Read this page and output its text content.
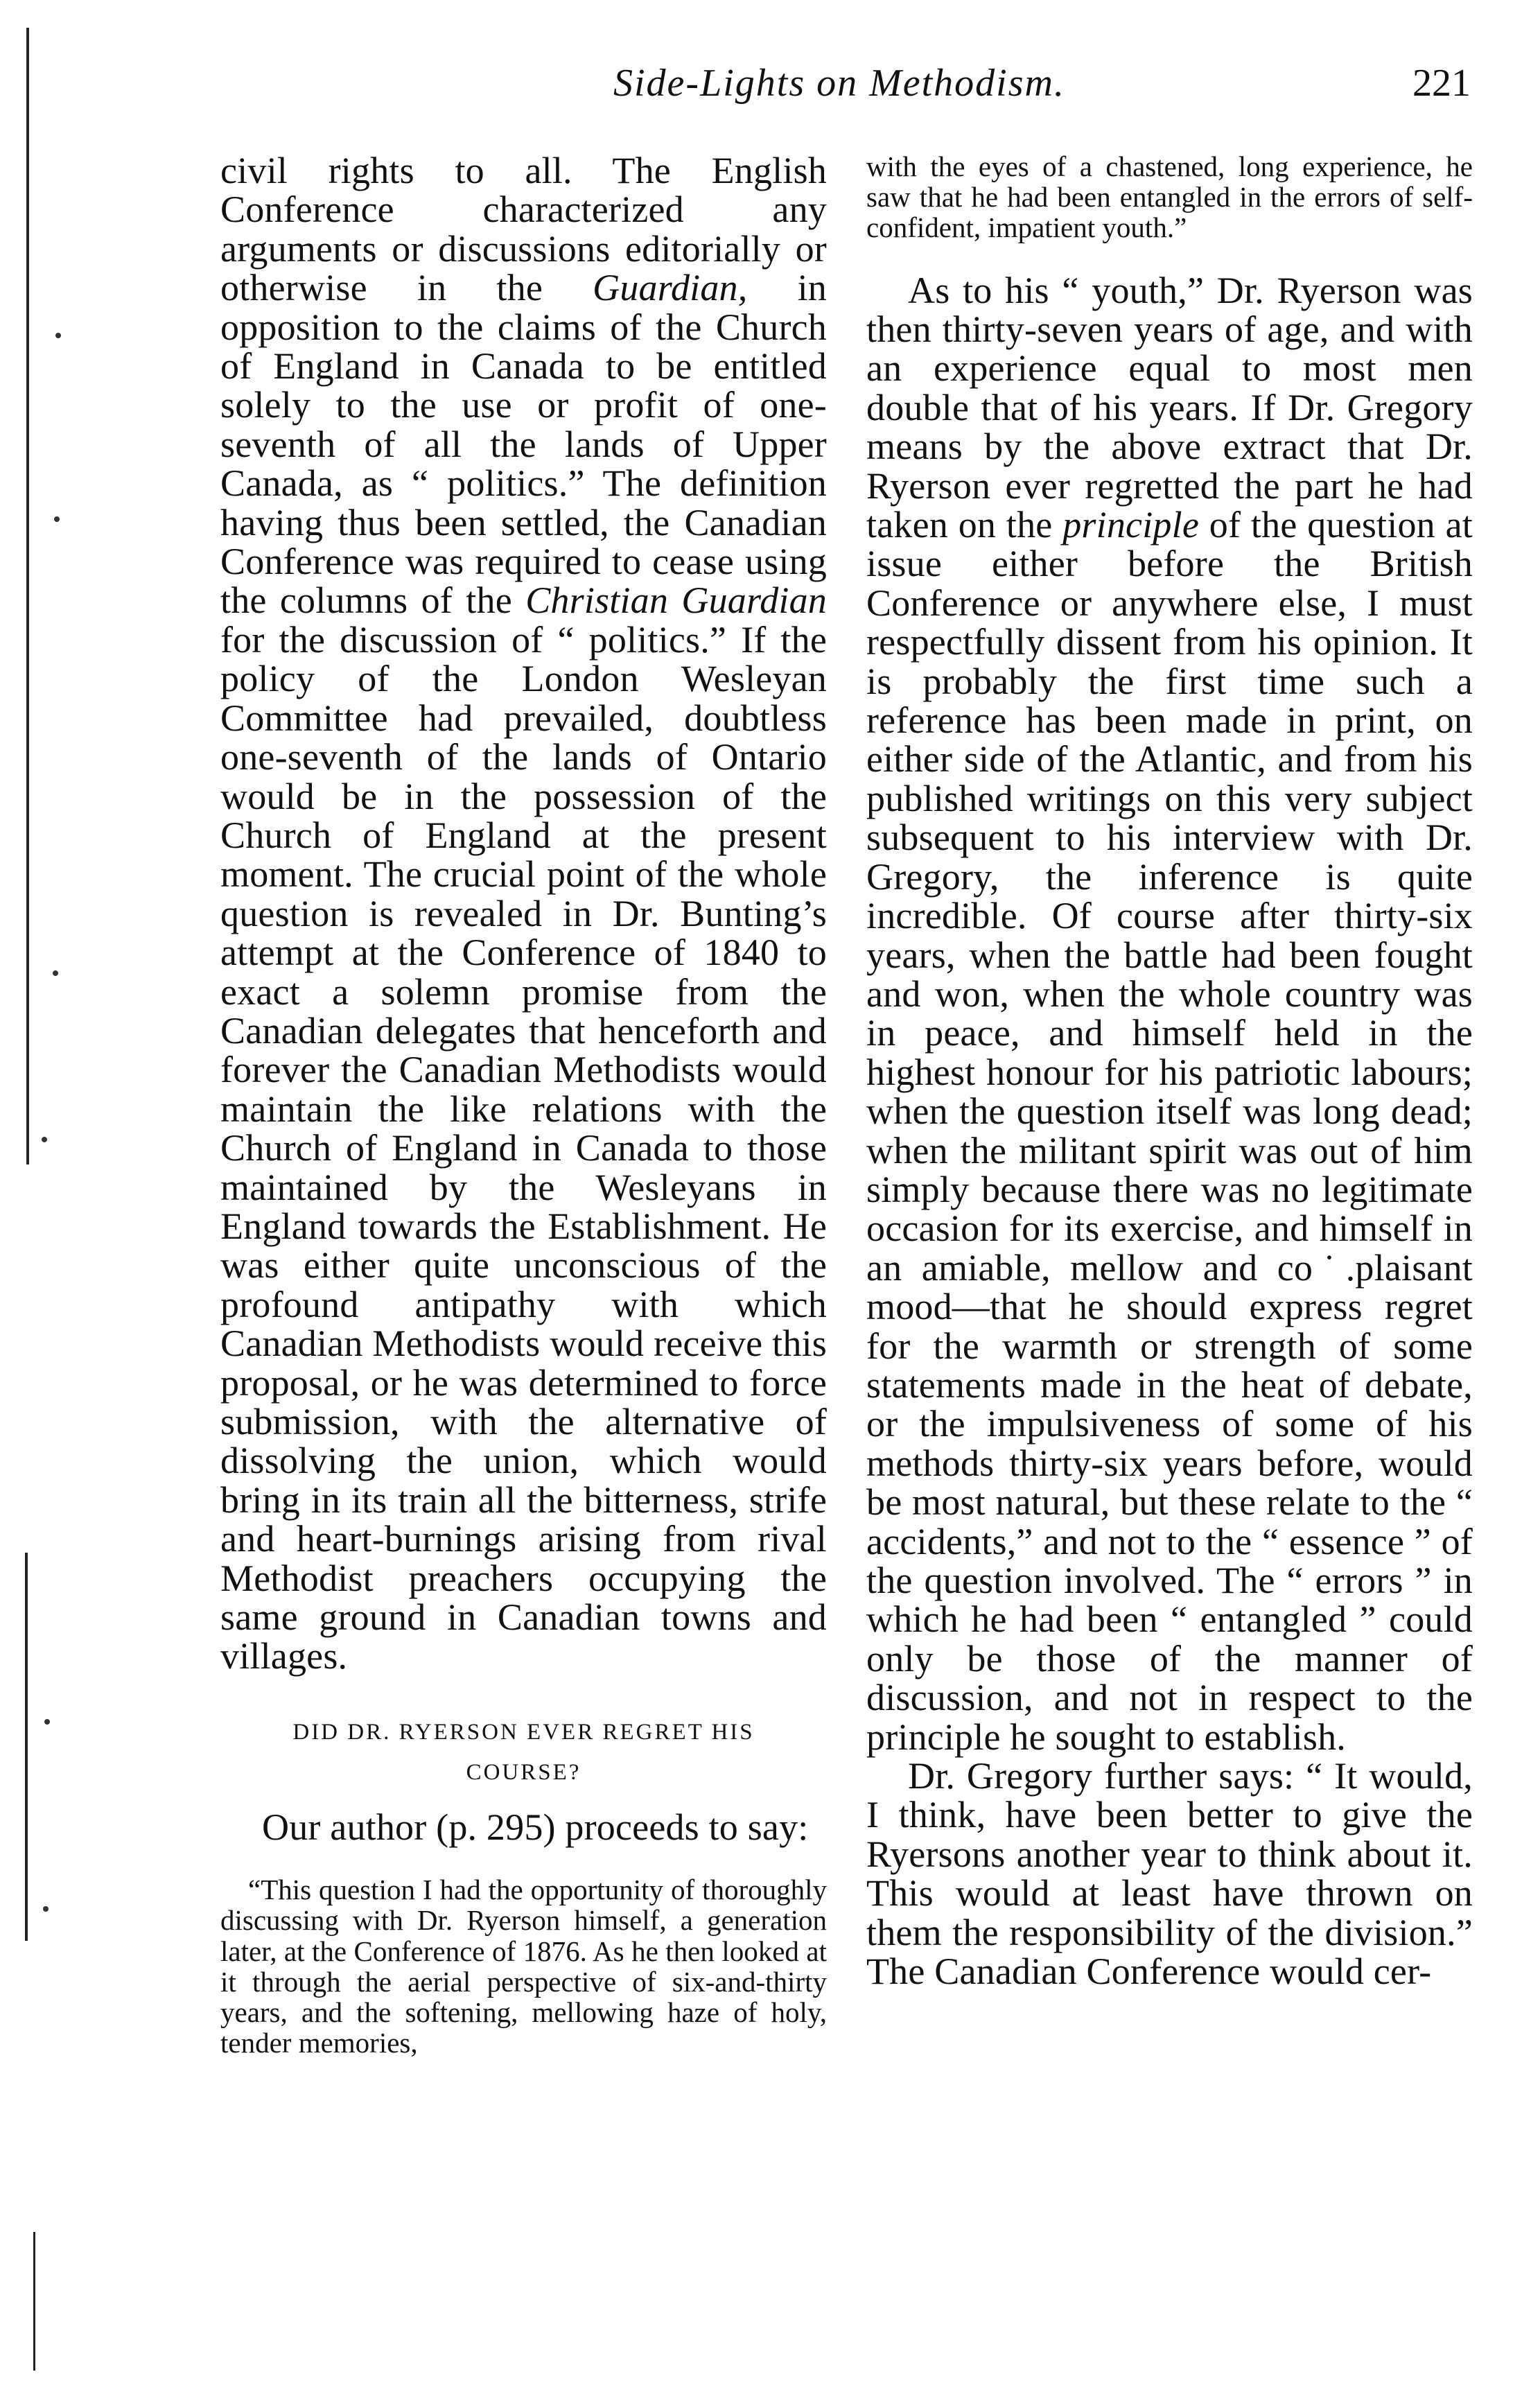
Side-Lights on Methodism.	221

civil rights to all. The English Conference characterized any arguments or discussions editorially or otherwise in the Guardian, in opposition to the claims of the Church of England in Canada to be entitled solely to the use or profit of one-seventh of all the lands of Upper Canada, as “ politics.” The definition having thus been settled, the Canadian Conference was required to cease using the columns of the Christian Guardian for the discussion of “ politics.” If the policy of the London Wesleyan Committee had prevailed, doubtless one-seventh of the lands of Ontario would be in the possession of the Church of England at the present moment. The crucial point of the whole question is revealed in Dr. Bunting’s attempt at the Conference of 1840 to exact a solemn promise from the Canadian delegates that henceforth and forever the Canadian Methodists would maintain the like relations with the Church of England in Canada to those maintained by the Wesleyans in England towards the Establishment. He was either quite unconscious of the profound antipathy with which Canadian Methodists would receive this proposal, or he was determined to force submission, with the alternative of dissolving the union, which would bring in its train all the bitterness, strife and heart-burnings arising from rival Methodist preachers occupying the same ground in Canadian towns and villages.

DID DR. RYERSON EVER REGRET HIS
COURSE?

Our author (p. 295) proceeds to say:

“This question I had the opportunity of thoroughly discussing with Dr. Ryerson himself, a generation later, at the Conference of 1876. As he then looked at it through the aerial perspective of six-and-thirty years, and the softening, mellowing haze of holy, tender memories,

with the eyes of a chastened, long experience, he saw that he had been entangled in the errors of self-confident, impatient youth.”

As to his “ youth,” Dr. Ryerson was then thirty-seven years of age, and with an experience equal to most men double that of his years. If Dr. Gregory means by the above extract that Dr. Ryerson ever regretted the part he had taken on the principle of the question at issue either before the British Conference or anywhere else, I must respectfully dissent from his opinion. It is probably the first time such a reference has been made in print, on either side of the Atlantic, and from his published writings on this very subject subsequent to his interview with Dr. Gregory, the inference is quite incredible. Of course after thirty-six years, when the battle had been fought and won, when the whole country was in peace, and himself held in the highest honour for his patriotic labours; when the question itself was long dead; when the militant spirit was out of him simply because there was no legitimate occasion for its exercise, and himself in an amiable, mellow and co˙.plaisant mood—that he should express regret for the warmth or strength of some statements made in the heat of debate, or the impulsiveness of some of his methods thirty-six years before, would be most natural, but these relate to the “ accidents,” and not to the “ essence ” of the question involved. The “ errors ” in which he had been “ entangled ” could only be those of the manner of discussion, and not in respect to the principle he sought to establish.

Dr. Gregory further says: “ It would, I think, have been better to give the Ryersons another year to think about it. This would at least have thrown on them the responsibility of the division.” The Canadian Conference would cer-
